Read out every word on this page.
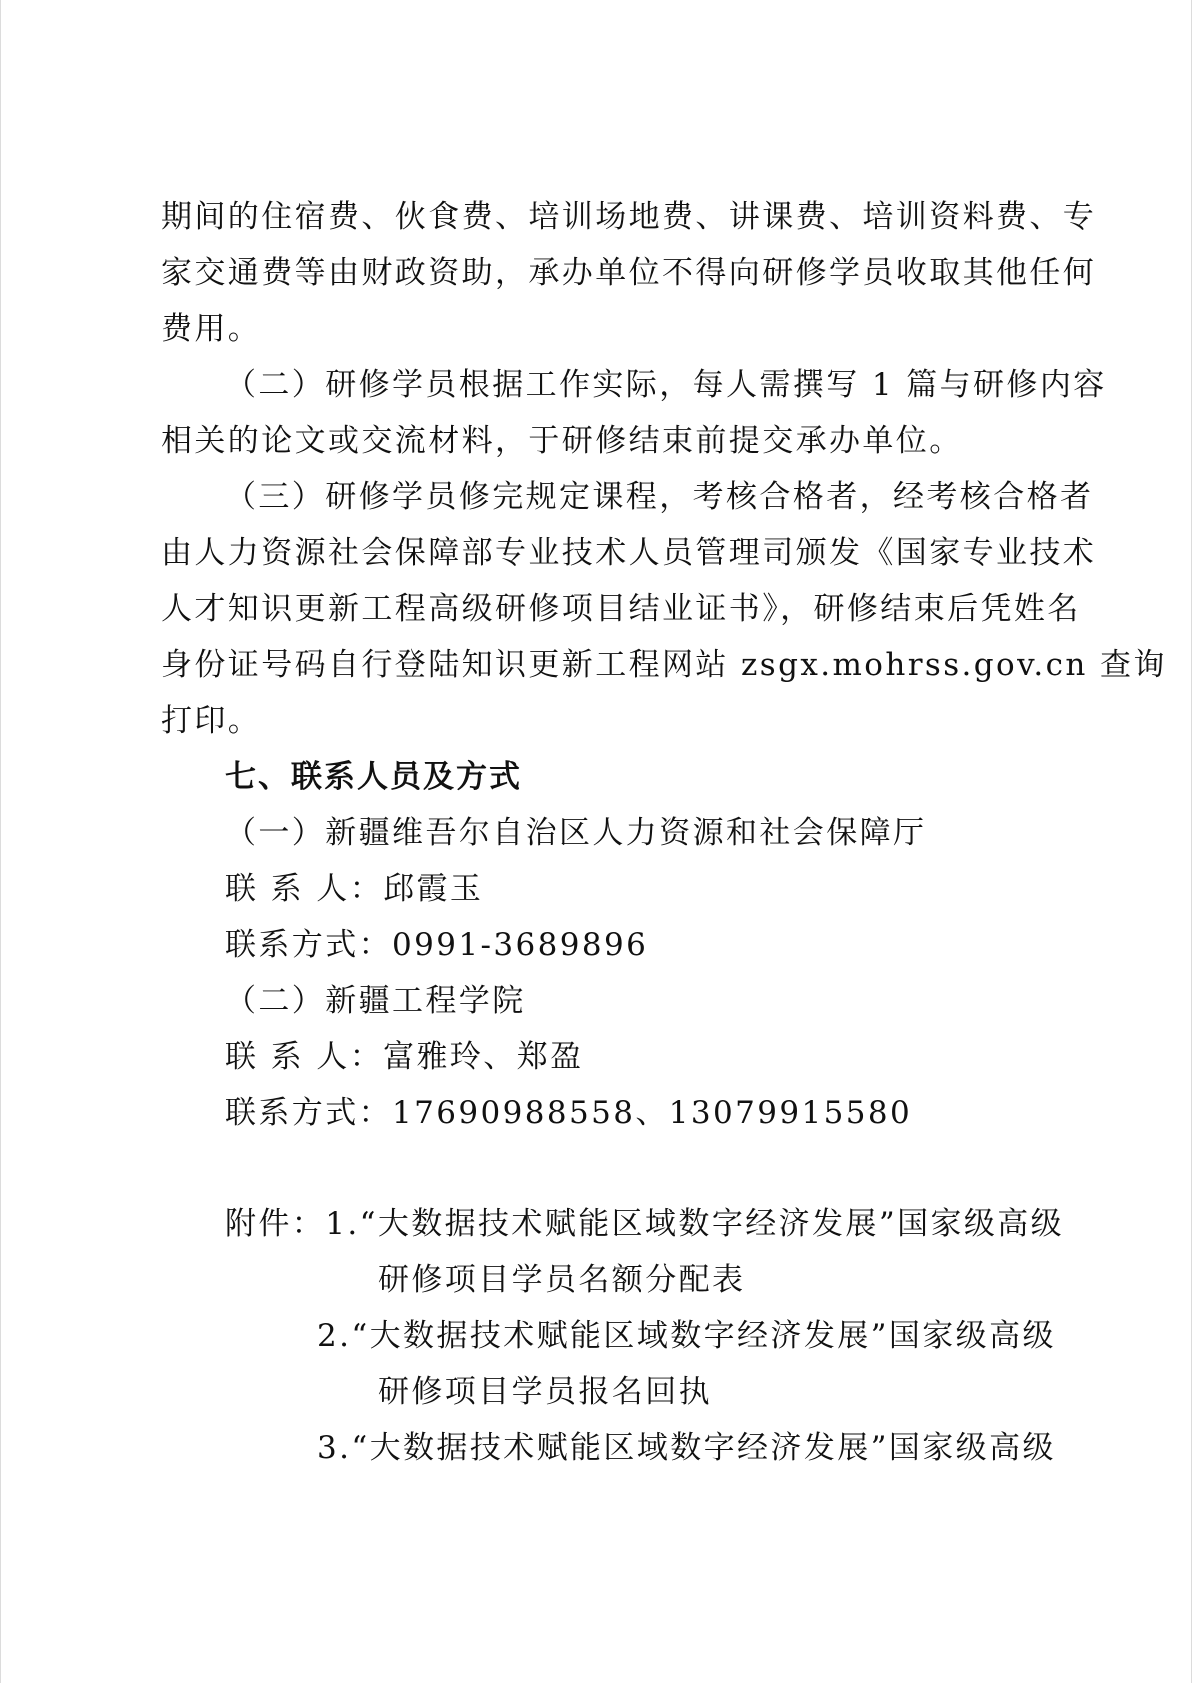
期间的住宿费、伙食费、培训场地费、讲课费、培训资料费、专
家交通费等由财政资助，承办单位不得向研修学员收取其他任何
费用。
（二）研修学员根据工作实际，每人需撰写 1 篇与研修内容
相关的论文或交流材料，于研修结束前提交承办单位。
（三）研修学员修完规定课程，考核合格者，经考核合格者
由人力资源社会保障部专业技术人员管理司颁发《国家专业技术
人才知识更新工程高级研修项目结业证书》，研修结束后凭姓名
身份证号码自行登陆知识更新工程网站 zsgx.mohrss.gov.cn 查询
打印。
七、联系人员及方式
（一）新疆维吾尔自治区人力资源和社会保障厅
联 系 人：邱霞玉
联系方式：0991-3689896
（二）新疆工程学院
联 系 人：富雅玲、郑盈
联系方式：17690988558、13079915580
附件：1.“大数据技术赋能区域数字经济发展”国家级高级
研修项目学员名额分配表
2.“大数据技术赋能区域数字经济发展”国家级高级
研修项目学员报名回执
3.“大数据技术赋能区域数字经济发展”国家级高级
